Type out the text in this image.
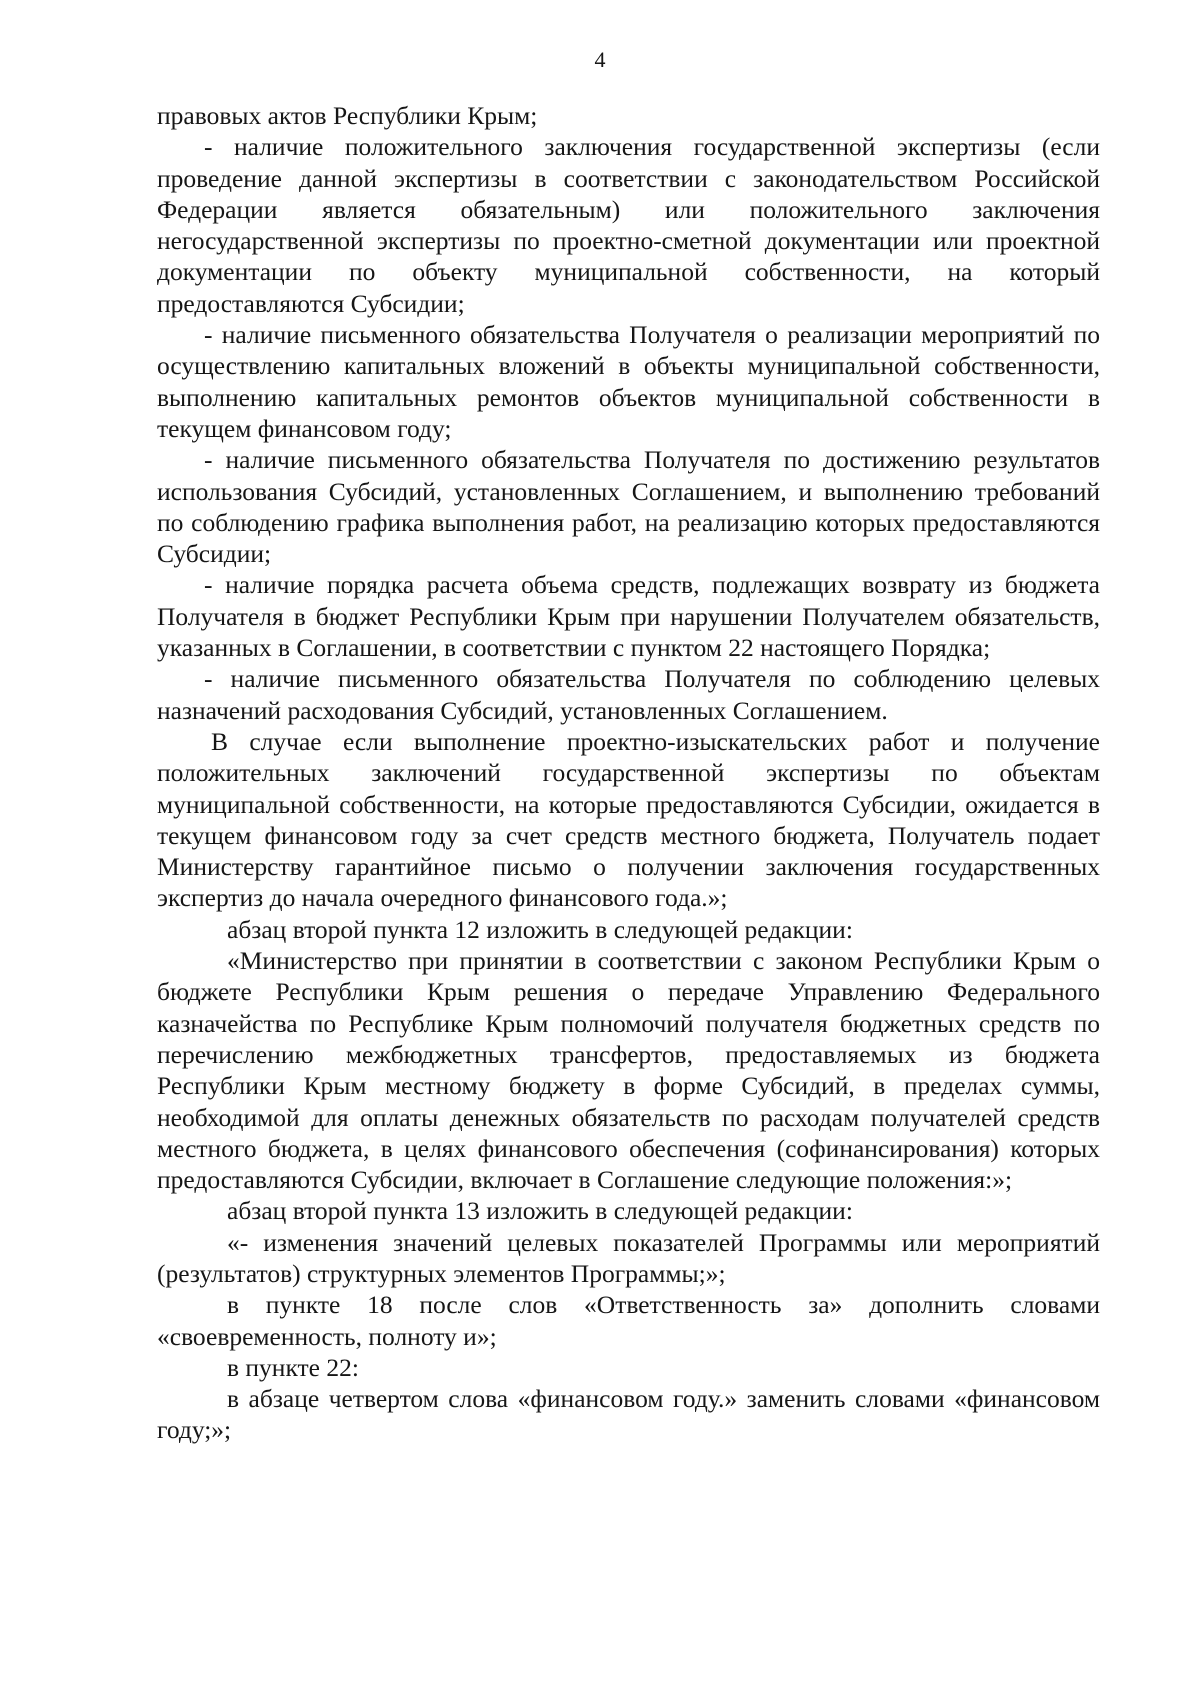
4

правовых актов Республики Крым;

- наличие положительного заключения государственной экспертизы (если проведение данной экспертизы в соответствии с законодательством Российской Федерации является обязательным) или положительного заключения негосударственной экспертизы по проектно-сметной документации или проектной документации по объекту муниципальной собственности, на который предоставляются Субсидии;

- наличие письменного обязательства Получателя о реализации мероприятий по осуществлению капитальных вложений в объекты муниципальной собственности, выполнению капитальных ремонтов объектов муниципальной собственности в текущем финансовом году;

- наличие письменного обязательства Получателя по достижению результатов использования Субсидий, установленных Соглашением, и выполнению требований по соблюдению графика выполнения работ, на реализацию которых предоставляются Субсидии;

- наличие порядка расчета объема средств, подлежащих возврату из бюджета Получателя в бюджет Республики Крым при нарушении Получателем обязательств, указанных в Соглашении, в соответствии с пунктом 22 настоящего Порядка;

- наличие письменного обязательства Получателя по соблюдению целевых назначений расходования Субсидий, установленных Соглашением.

В случае если выполнение проектно-изыскательских работ и получение положительных заключений государственной экспертизы по объектам муниципальной собственности, на которые предоставляются Субсидии, ожидается в текущем финансовом году за счет средств местного бюджета, Получатель подает Министерству гарантийное письмо о получении заключения государственных экспертиз до начала очередного финансового года.»;

абзац второй пункта 12 изложить в следующей редакции:

«Министерство при принятии в соответствии с законом Республики Крым о бюджете Республики Крым решения о передаче Управлению Федерального казначейства по Республике Крым полномочий получателя бюджетных средств по перечислению межбюджетных трансфертов, предоставляемых из бюджета Республики Крым местному бюджету в форме Субсидий, в пределах суммы, необходимой для оплаты денежных обязательств по расходам получателей средств местного бюджета, в целях финансового обеспечения (софинансирования) которых предоставляются Субсидии, включает в Соглашение следующие положения:»;

абзац второй пункта 13 изложить в следующей редакции:

«- изменения значений целевых показателей Программы или мероприятий (результатов) структурных элементов Программы;»;

в пункте 18 после слов «Ответственность за» дополнить словами «своевременность, полноту и»;

в пункте 22:

в абзаце четвертом слова «финансовом году.» заменить словами «финансовом году;»;
